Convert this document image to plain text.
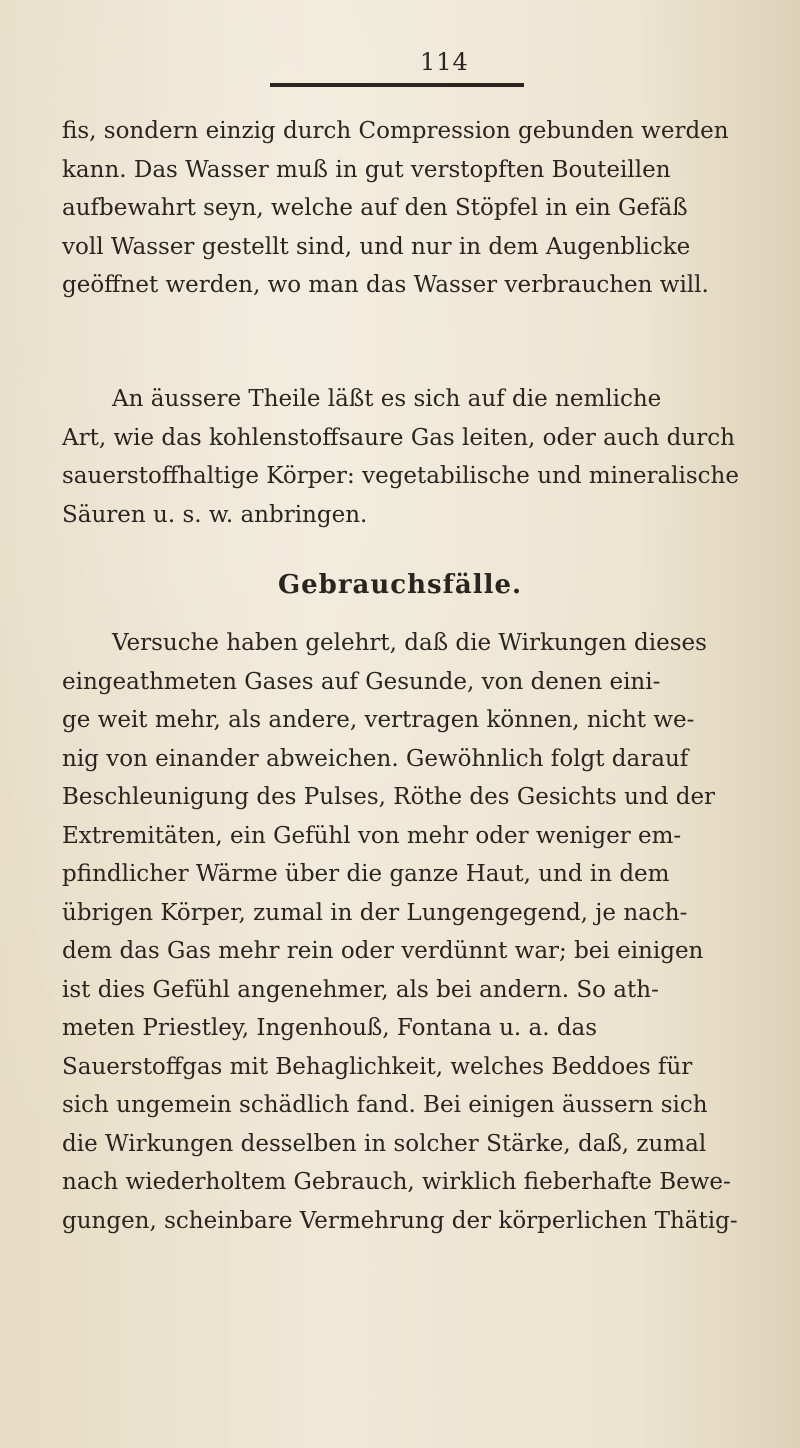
114
fis, sondern einzig durch Compression gebunden werden
kann. Das Wasser muß in gut verstopften Bouteillen
aufbewahrt seyn, welche auf den Stöpfel in ein Gefäß
voll Wasser gestellt sind, und nur in dem Augenblicke
geöffnet werden, wo man das Wasser verbrauchen will.
An äussere Theile läßt es sich auf die nemliche
Art, wie das kohlenstoffsaure Gas leiten, oder auch durch
sauerstoffhaltige Körper: vegetabilische und mineralische
Säuren u. s. w. anbringen.
Gebrauchsfälle.
Versuche haben gelehrt, daß die Wirkungen dieses
eingeathmeten Gases auf Gesunde, von denen eini-
ge weit mehr, als andere, vertragen können, nicht we-
nig von einander abweichen. Gewöhnlich folgt darauf
Beschleunigung des Pulses, Röthe des Gesichts und der
Extremitäten, ein Gefühl von mehr oder weniger em-
pfindlicher Wärme über die ganze Haut, und in dem
übrigen Körper, zumal in der Lungengegend, je nach-
dem das Gas mehr rein oder verdünnt war; bei einigen
ist dies Gefühl angenehmer, als bei andern. So ath-
meten Priestley, Ingenhouß, Fontana u. a. das
Sauerstoffgas mit Behaglichkeit, welches Beddoes für
sich ungemein schädlich fand. Bei einigen äussern sich
die Wirkungen desselben in solcher Stärke, daß, zumal
nach wiederholtem Gebrauch, wirklich fieberhafte Bewe-
gungen, scheinbare Vermehrung der körperlichen Thätig-
